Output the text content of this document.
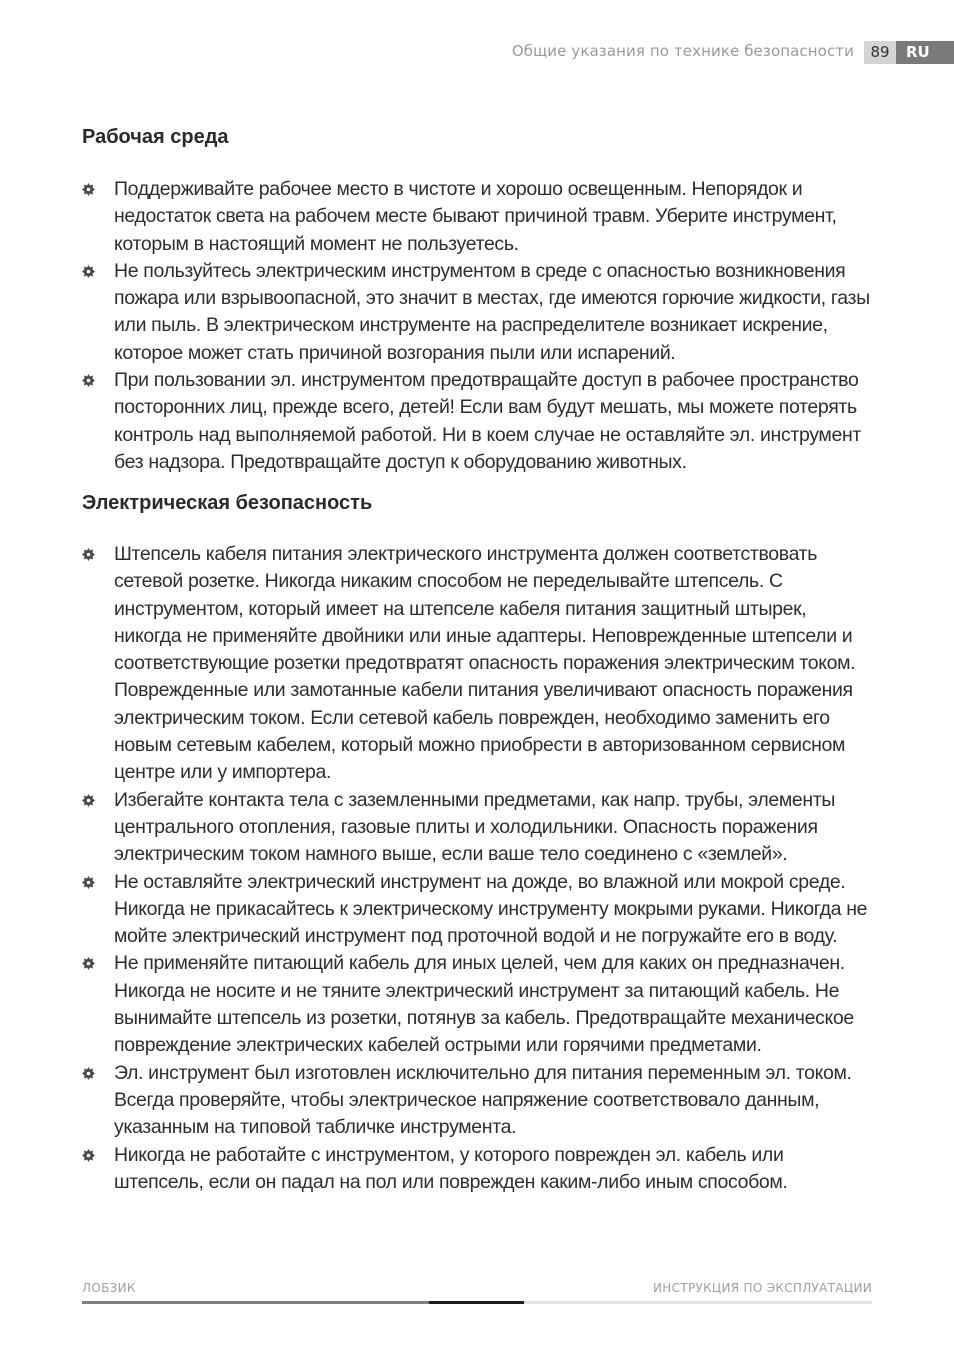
Общие указания по технике безопасности	89	RU
Рабочая среда
Поддерживайте рабочее место в чистоте и хорошо освещенным. Непорядок и недостаток света на рабочем месте бывают причиной травм. Уберите инструмент, которым в настоящий момент не пользуетесь.
Не пользуйтесь электрическим инструментом в среде с опасностью возникновения пожара или взрывоопасной, это значит в местах, где имеются горючие жидкости, газы или пыль. В электрическом инструменте на распределителе возникает искрение, которое может стать причиной возгорания пыли или испарений.
При пользовании эл. инструментом предотвращайте доступ в рабочее пространство посторонних лиц, прежде всего, детей! Если вам будут мешать, мы можете потерять контроль над выполняемой работой. Ни в коем случае не оставляйте эл. инструмент без надзора. Предотвращайте доступ к оборудованию животных.
Электрическая безопасность
Штепсель кабеля питания электрического инструмента должен соответствовать сетевой розетке. Никогда никаким способом не переделывайте штепсель. С инструментом, который имеет на штепселе кабеля питания защитный штырек, никогда не применяйте двойники или иные адаптеры. Неповрежденные штепсели и соответствующие розетки предотвратят опасность поражения электрическим током. Поврежденные или замотанные кабели питания увеличивают опасность поражения электрическим током. Если сетевой кабель поврежден, необходимо заменить его новым сетевым кабелем, который можно приобрести в авторизованном сервисном центре или у импортера.
Избегайте контакта тела с заземленными предметами, как напр. трубы, элементы центрального отопления, газовые плиты и холодильники. Опасность поражения электрическим током намного выше, если ваше тело соединено с «землей».
Не оставляйте электрический инструмент на дожде, во влажной или мокрой среде. Никогда не прикасайтесь к электрическому инструменту мокрыми руками. Никогда не мойте электрический инструмент под проточной водой и не погружайте его в воду.
Не применяйте питающий кабель для иных целей, чем для каких он предназначен. Никогда не носите и не тяните электрический инструмент за питающий кабель. Не вынимайте штепсель из розетки, потянув за кабель. Предотвращайте механическое повреждение электрических кабелей острыми или горячими предметами.
Эл. инструмент был изготовлен исключительно для питания переменным эл. током. Всегда проверяйте, чтобы электрическое напряжение соответствовало данным, указанным на типовой табличке инструмента.
Никогда не работайте с инструментом, у которого поврежден эл. кабель или штепсель, если он падал на пол или поврежден каким-либо иным способом.
ЛОБЗИК	ИНСТРУКЦИЯ ПО ЭКСПЛУАТАЦИИ
